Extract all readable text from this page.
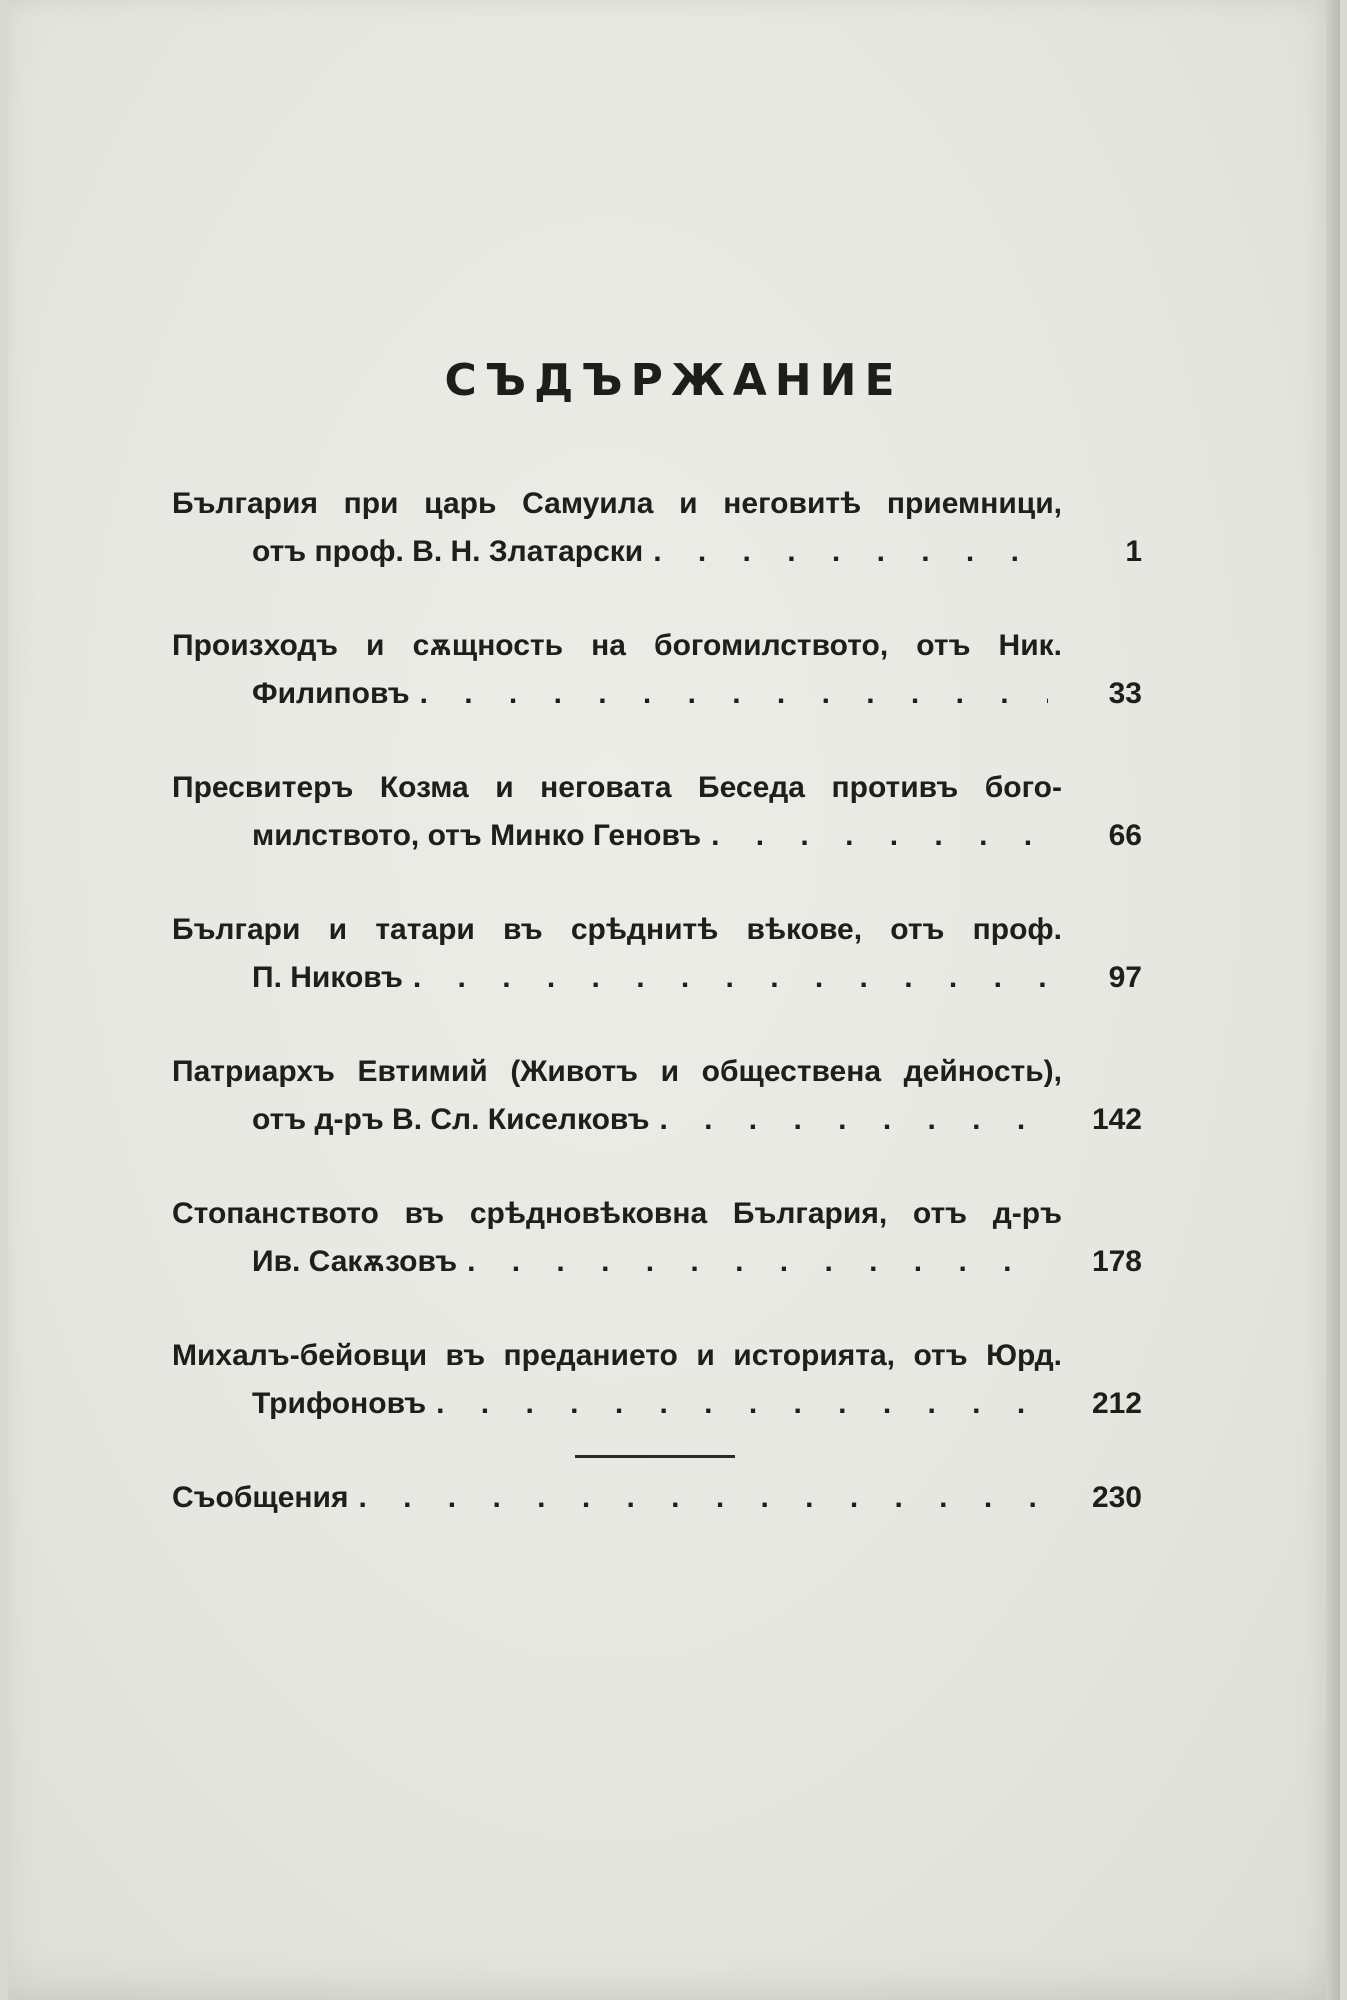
СЪДЪРЖАНИЕ
България при царь Самуила и неговитѣ приемници,
отъ проф. В. Н. Златарски . . .	1
Произходъ и сѫщность на богомилството, отъ Ник.
Филиповъ . . .	33
Пресвитеръ Козма и неговата Беседа противъ бого-
милството, отъ Минко Геновъ . . .	66
Българи и татари въ срѣднитѣ вѣкове, отъ проф.
П. Никовъ . . .	97
Патриархъ Евтимий (Животъ и обществена дейность),
отъ д-ръ В. Сл. Киселковъ . . .	142
Стопанството въ срѣдновѣковна България, отъ д-ръ
Ив. Сакѫзовъ . . .	178
Михалъ-бейовци въ преданието и историята, отъ Юрд.
Трифоновъ . . .	212
Съобщения . . .	230
